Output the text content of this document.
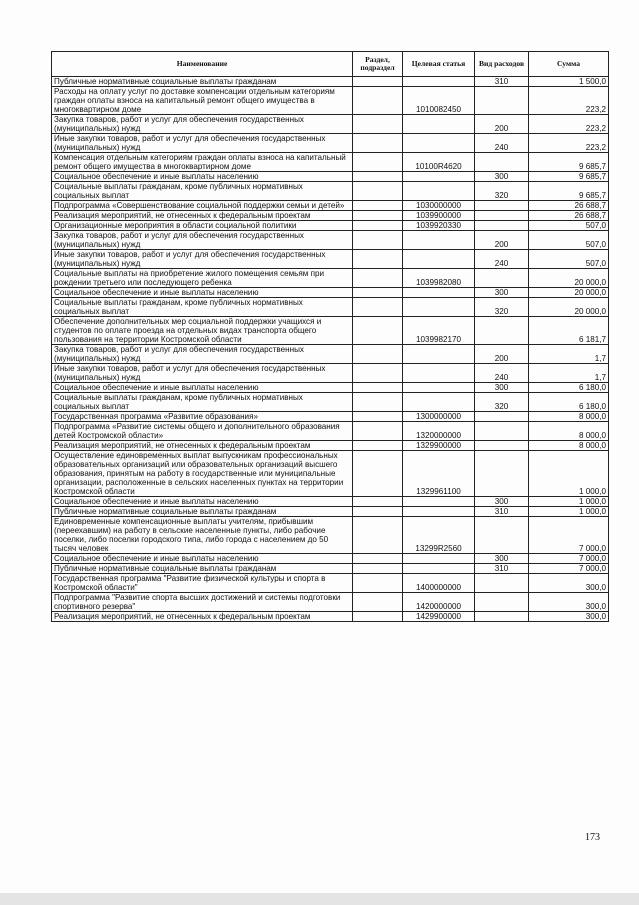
Наименование	Раздел, подраздел	Целевая статья	Вид расходов	Сумма
Публичные нормативные социальные выплаты гражданам			310	1 500,0
Расходы на оплату услуг по доставке компенсации отдельным категориям граждан оплаты взноса на капитальный ремонт общего имущества в многоквартирном доме		1010082450		223,2
Закупка товаров, работ и услуг для обеспечения государственных (муниципальных) нужд			200	223,2
Иные закупки товаров, работ и услуг для обеспечения государственных (муниципальных) нужд			240	223,2
Компенсация отдельным категориям граждан оплаты взноса на капитальный ремонт общего имущества в многоквартирном доме		10100R4620		9 685,7
Социальное обеспечение и иные выплаты населению			300	9 685,7
Социальные выплаты гражданам, кроме публичных нормативных социальных выплат			320	9 685,7
Подпрограмма «Совершенствование социальной поддержки семьи и детей»		1030000000		26 688,7
Реализация мероприятий, не отнесенных к федеральным проектам		1039900000		26 688,7
Организационные мероприятия в области социальной политики		1039920330		507,0
Закупка товаров, работ и услуг для обеспечения государственных (муниципальных) нужд			200	507,0
Иные закупки товаров, работ и услуг для обеспечения государственных (муниципальных) нужд			240	507,0
Социальные выплаты на приобретение жилого помещения семьям при рождении третьего или последующего ребенка		1039982080		20 000,0
Социальное обеспечение и иные выплаты населению			300	20 000,0
Социальные выплаты гражданам, кроме публичных нормативных социальных выплат			320	20 000,0
Обеспечение дополнительных мер социальной поддержки учащихся и студентов по оплате проезда на отдельных видах транспорта общего пользования на территории Костромской области		1039982170		6 181,7
Закупка товаров, работ и услуг для обеспечения государственных (муниципальных) нужд			200	1,7
Иные закупки товаров, работ и услуг для обеспечения государственных (муниципальных) нужд			240	1,7
Социальное обеспечение и иные выплаты населению			300	6 180,0
Социальные выплаты гражданам, кроме публичных нормативных социальных выплат			320	6 180,0
Государственная программа «Развитие образования»		1300000000		8 000,0
Подпрограмма «Развитие системы общего и дополнительного образования детей Костромской области»		1320000000		8 000,0
Реализация мероприятий, не отнесенных к федеральным проектам		1329900000		8 000,0
Осуществление единовременных выплат выпускникам профессиональных образовательных организаций или образовательных организаций высшего образования, принятым на работу в государственные или муниципальные организации, расположенные в сельских населенных пунктах на территории Костромской области		1329961100		1 000,0
Социальное обеспечение и иные выплаты населению			300	1 000,0
Публичные нормативные социальные выплаты гражданам			310	1 000,0
Единовременные компенсационные выплаты учителям, прибывшим (переехавшим) на работу в сельские населенные пункты, либо рабочие поселки, либо поселки городского типа, либо города с населением до 50 тысяч человек		13299R2560		7 000,0
Социальное обеспечение и иные выплаты населению			300	7 000,0
Публичные нормативные социальные выплаты гражданам			310	7 000,0
Государственная программа "Развитие физической культуры и спорта в Костромской области"		1400000000		300,0
Подпрограмма "Развитие спорта высших достижений и системы подготовки спортивного резерва"		1420000000		300,0
Реализация мероприятий, не отнесенных к федеральным проектам		1429900000		300,0
173
